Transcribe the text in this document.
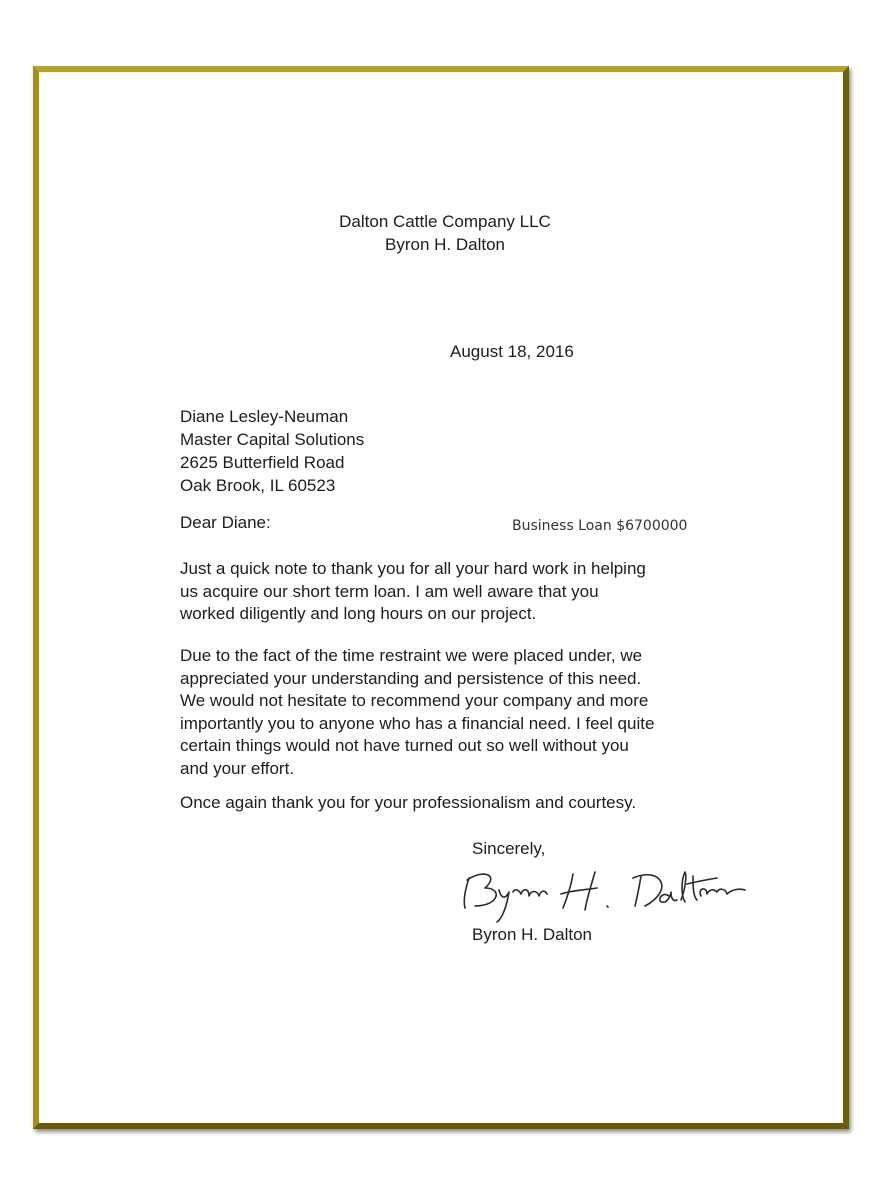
Dalton Cattle Company LLC
Byron H. Dalton
August 18, 2016
Diane Lesley-Neuman
Master Capital Solutions
2625 Butterfield Road
Oak Brook, IL 60523
Dear Diane:	Business Loan $6700000
Just a quick note to thank you for all your hard work in helping
us acquire our short term loan. I am well aware that you
worked diligently and long hours on our project.
Due to the fact of the time restraint we were placed under, we
appreciated your understanding and persistence of this need.
We would not hesitate to recommend your company and more
importantly you to anyone who has a financial need. I feel quite
certain things would not have turned out so well without you
and your effort.
Once again thank you for your professionalism and courtesy.
Sincerely,
Byron H. Dalton
